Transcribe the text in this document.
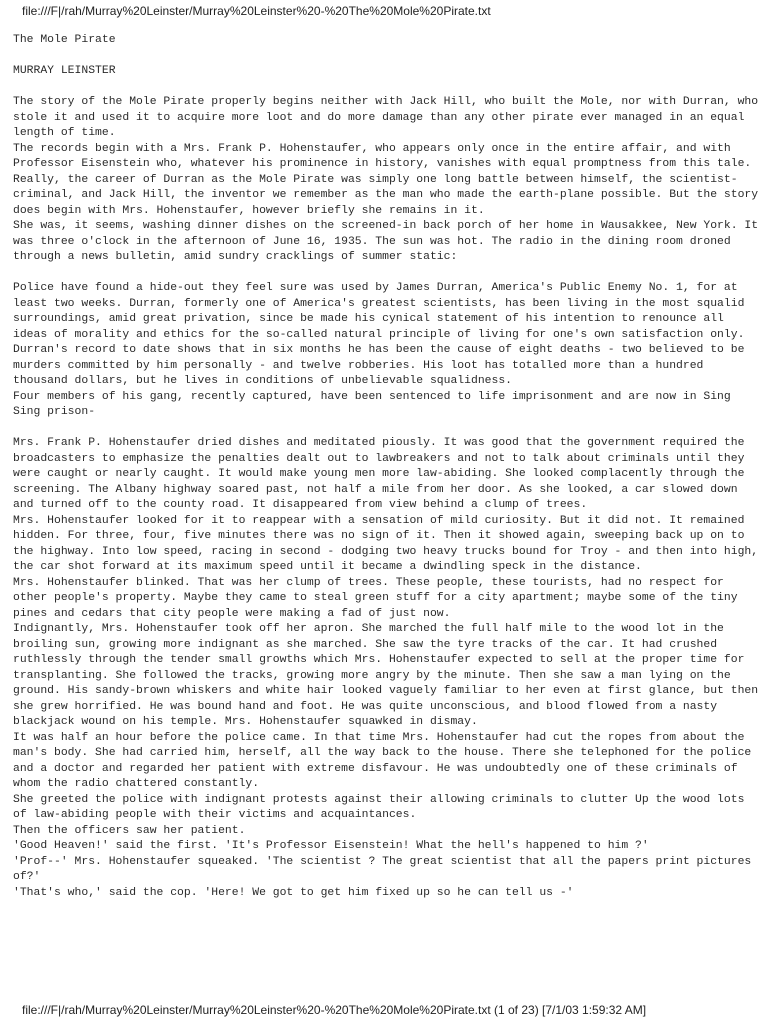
file:///F|/rah/Murray%20Leinster/Murray%20Leinster%20-%20The%20Mole%20Pirate.txt

The Mole Pirate

MURRAY LEINSTER

The story of the Mole Pirate properly begins neither with Jack Hill, who built the Mole, nor with Durran, who stole it and used it to acquire more loot and do more damage than any other pirate ever managed in an equal length of time.

The records begin with a Mrs. Frank P. Hohenstaufer, who appears only once in the entire affair, and with Professor Eisenstein who, whatever his prominence in history, vanishes with equal promptness from this tale.

Really, the career of Durran as the Mole Pirate was simply one long battle between himself, the scientist-criminal, and Jack Hill, the inventor we remember as the man who made the earth-plane possible. But the story does begin with Mrs. Hohenstaufer, however briefly she remains in it.

She was, it seems, washing dinner dishes on the screened-in back porch of her home in Wausakkee, New York. It was three o'clock in the afternoon of June 16, 1935. The sun was hot. The radio in the dining room droned through a news bulletin, amid sundry cracklings of summer static:

Police have found a hide-out they feel sure was used by James Durran, America's Public Enemy No. 1, for at least two weeks. Durran, formerly one of America's greatest scientists, has been living in the most squalid surroundings, amid great privation, since be made his cynical statement of his intention to renounce all ideas of morality and ethics for the so-called natural principle of living for one's own satisfaction only. Durran's record to date shows that in six months he has been the cause of eight deaths - two believed to be murders committed by him personally - and twelve robberies. His loot has totalled more than a hundred thousand dollars, but he lives in conditions of unbelievable squalidness.

Four members of his gang, recently captured, have been sentenced to life imprisonment and are now in Sing Sing prison-

Mrs. Frank P. Hohenstaufer dried dishes and meditated piously. It was good that the government required the broadcasters to emphasize the penalties dealt out to lawbreakers and not to talk about criminals until they were caught or nearly caught. It would make young men more law-abiding. She looked complacently through the screening. The Albany highway soared past, not half a mile from her door. As she looked, a car slowed down and turned off to the county road. It disappeared from view behind a clump of trees.

Mrs. Hohenstaufer looked for it to reappear with a sensation of mild curiosity. But it did not. It remained hidden. For three, four, five minutes there was no sign of it. Then it showed again, sweeping back up on to the highway. Into low speed, racing in second - dodging two heavy trucks bound for Troy - and then into high, the car shot forward at its maximum speed until it became a dwindling speck in the distance.

Mrs. Hohenstaufer blinked. That was her clump of trees. These people, these tourists, had no respect for other people's property. Maybe they came to steal green stuff for a city apartment; maybe some of the tiny pines and cedars that city people were making a fad of just now.

Indignantly, Mrs. Hohenstaufer took off her apron. She marched the full half mile to the wood lot in the broiling sun, growing more indignant as she marched. She saw the tyre tracks of the car. It had crushed ruthlessly through the tender small growths which Mrs. Hohenstaufer expected to sell at the proper time for transplanting. She followed the tracks, growing more angry by the minute. Then she saw a man lying on the ground. His sandy-brown whiskers and white hair looked vaguely familiar to her even at first glance, but then she grew horrified. He was bound hand and foot. He was quite unconscious, and blood flowed from a nasty blackjack wound on his temple. Mrs. Hohenstaufer squawked in dismay.

It was half an hour before the police came. In that time Mrs. Hohenstaufer had cut the ropes from about the man's body. She had carried him, herself, all the way back to the house. There she telephoned for the police and a doctor and regarded her patient with extreme disfavour. He was undoubtedly one of these criminals of whom the radio chattered constantly.

She greeted the police with indignant protests against their allowing criminals to clutter Up the wood lots of law-abiding people with their victims and acquaintances.

Then the officers saw her patient.

'Good Heaven!' said the first. 'It's Professor Eisenstein! What the hell's happened to him ?'

'Prof--' Mrs. Hohenstaufer squeaked. 'The scientist ? The great scientist that all the papers print pictures of?'

'That's who,' said the cop. 'Here! We got to get him fixed up so he can tell us -'

file:///F|/rah/Murray%20Leinster/Murray%20Leinster%20-%20The%20Mole%20Pirate.txt (1 of 23) [7/1/03 1:59:32 AM]
